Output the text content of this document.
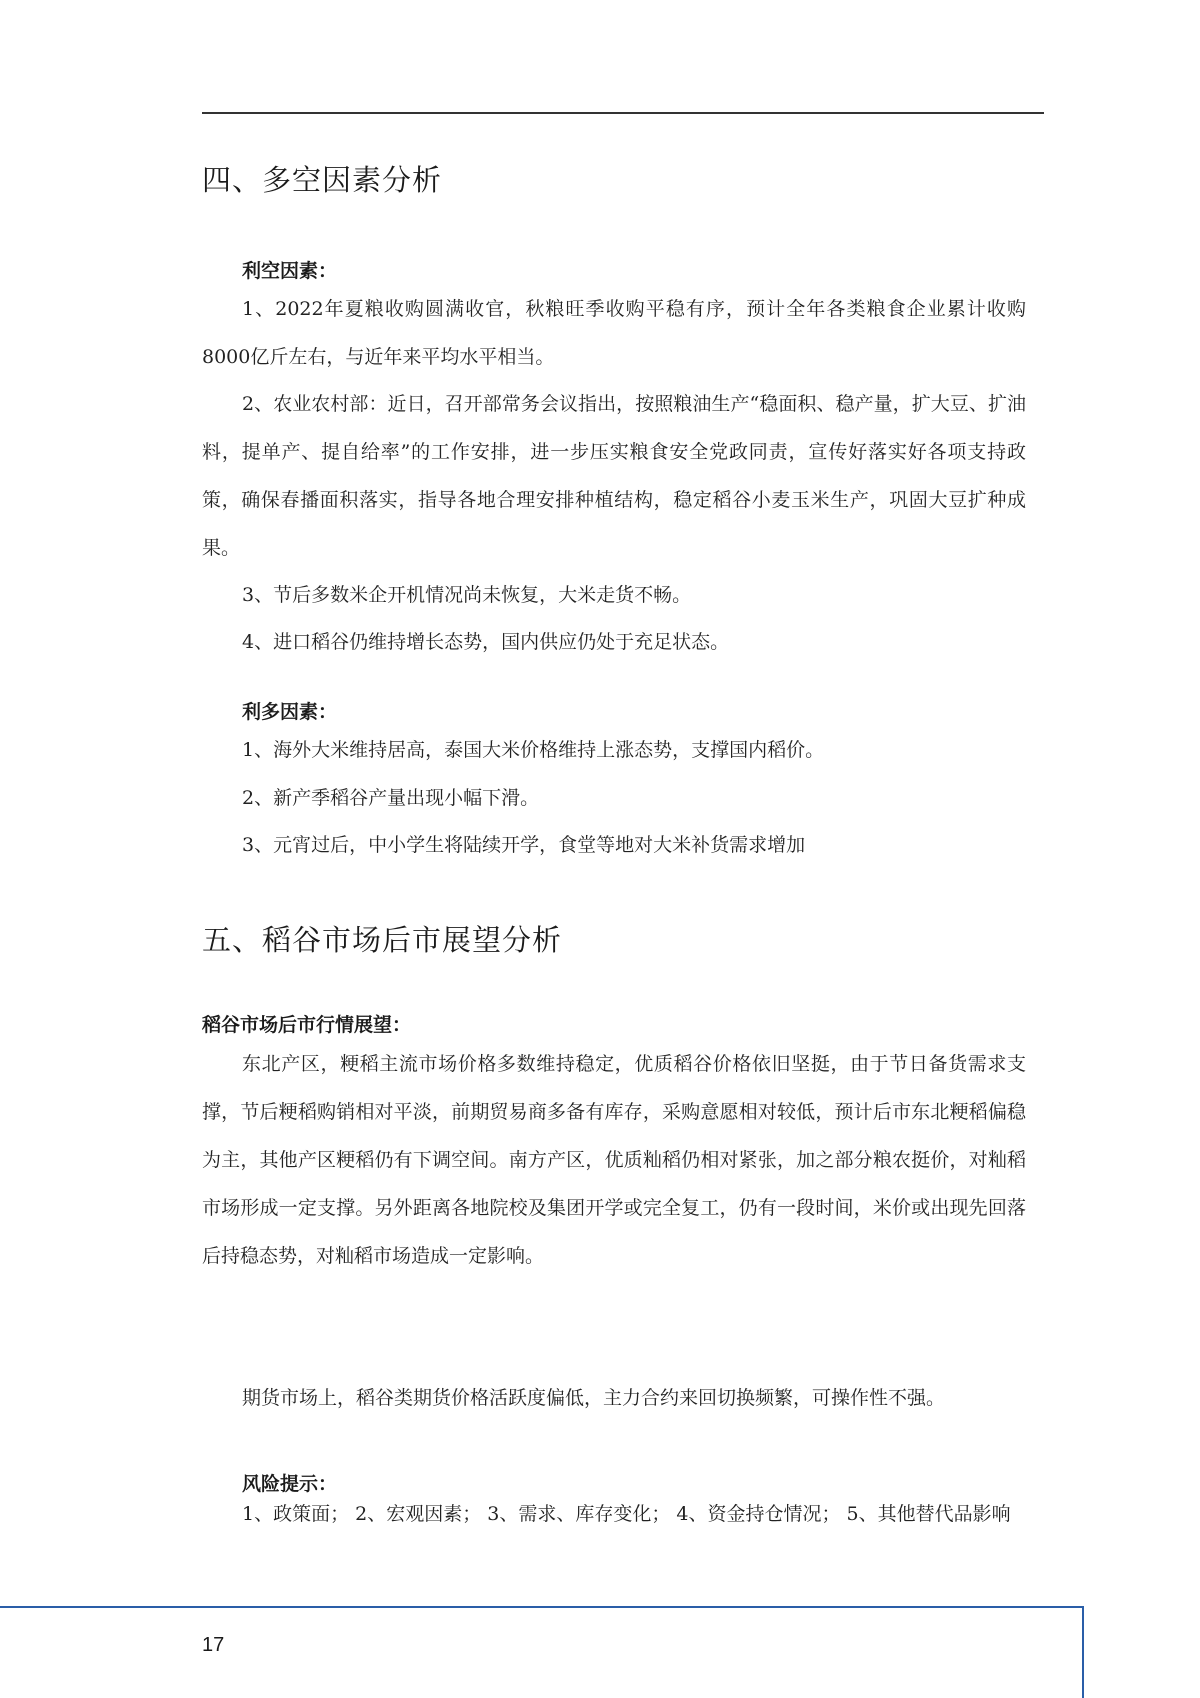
四、多空因素分析

利空因素：

1、2022年夏粮收购圆满收官，秋粮旺季收购平稳有序，预计全年各类粮食企业累计收购8000亿斤左右，与近年来平均水平相当。

2、农业农村部：近日，召开部常务会议指出，按照粮油生产“稳面积、稳产量，扩大豆、扩油料，提单产、提自给率”的工作安排，进一步压实粮食安全党政同责，宣传好落实好各项支持政策，确保春播面积落实，指导各地合理安排种植结构，稳定稻谷小麦玉米生产，巩固大豆扩种成果。

3、节后多数米企开机情况尚未恢复，大米走货不畅。

4、进口稻谷仍维持增长态势，国内供应仍处于充足状态。

利多因素：

1、海外大米维持居高，泰国大米价格维持上涨态势，支撑国内稻价。

2、新产季稻谷产量出现小幅下滑。

3、元宵过后，中小学生将陆续开学，食堂等地对大米补货需求增加

五、稻谷市场后市展望分析

稻谷市场后市行情展望：

东北产区，粳稻主流市场价格多数维持稳定，优质稻谷价格依旧坚挺，由于节日备货需求支撑，节后粳稻购销相对平淡，前期贸易商多备有库存，采购意愿相对较低，预计后市东北粳稻偏稳为主，其他产区粳稻仍有下调空间。南方产区，优质籼稻仍相对紧张，加之部分粮农挺价，对籼稻市场形成一定支撑。另外距离各地院校及集团开学或完全复工，仍有一段时间，米价或出现先回落后持稳态势，对籼稻市场造成一定影响。

期货市场上，稻谷类期货价格活跃度偏低，主力合约来回切换频繁，可操作性不强。

风险提示：

1、政策面； 2、宏观因素； 3、需求、库存变化； 4、资金持仓情况； 5、其他替代品影响

17
